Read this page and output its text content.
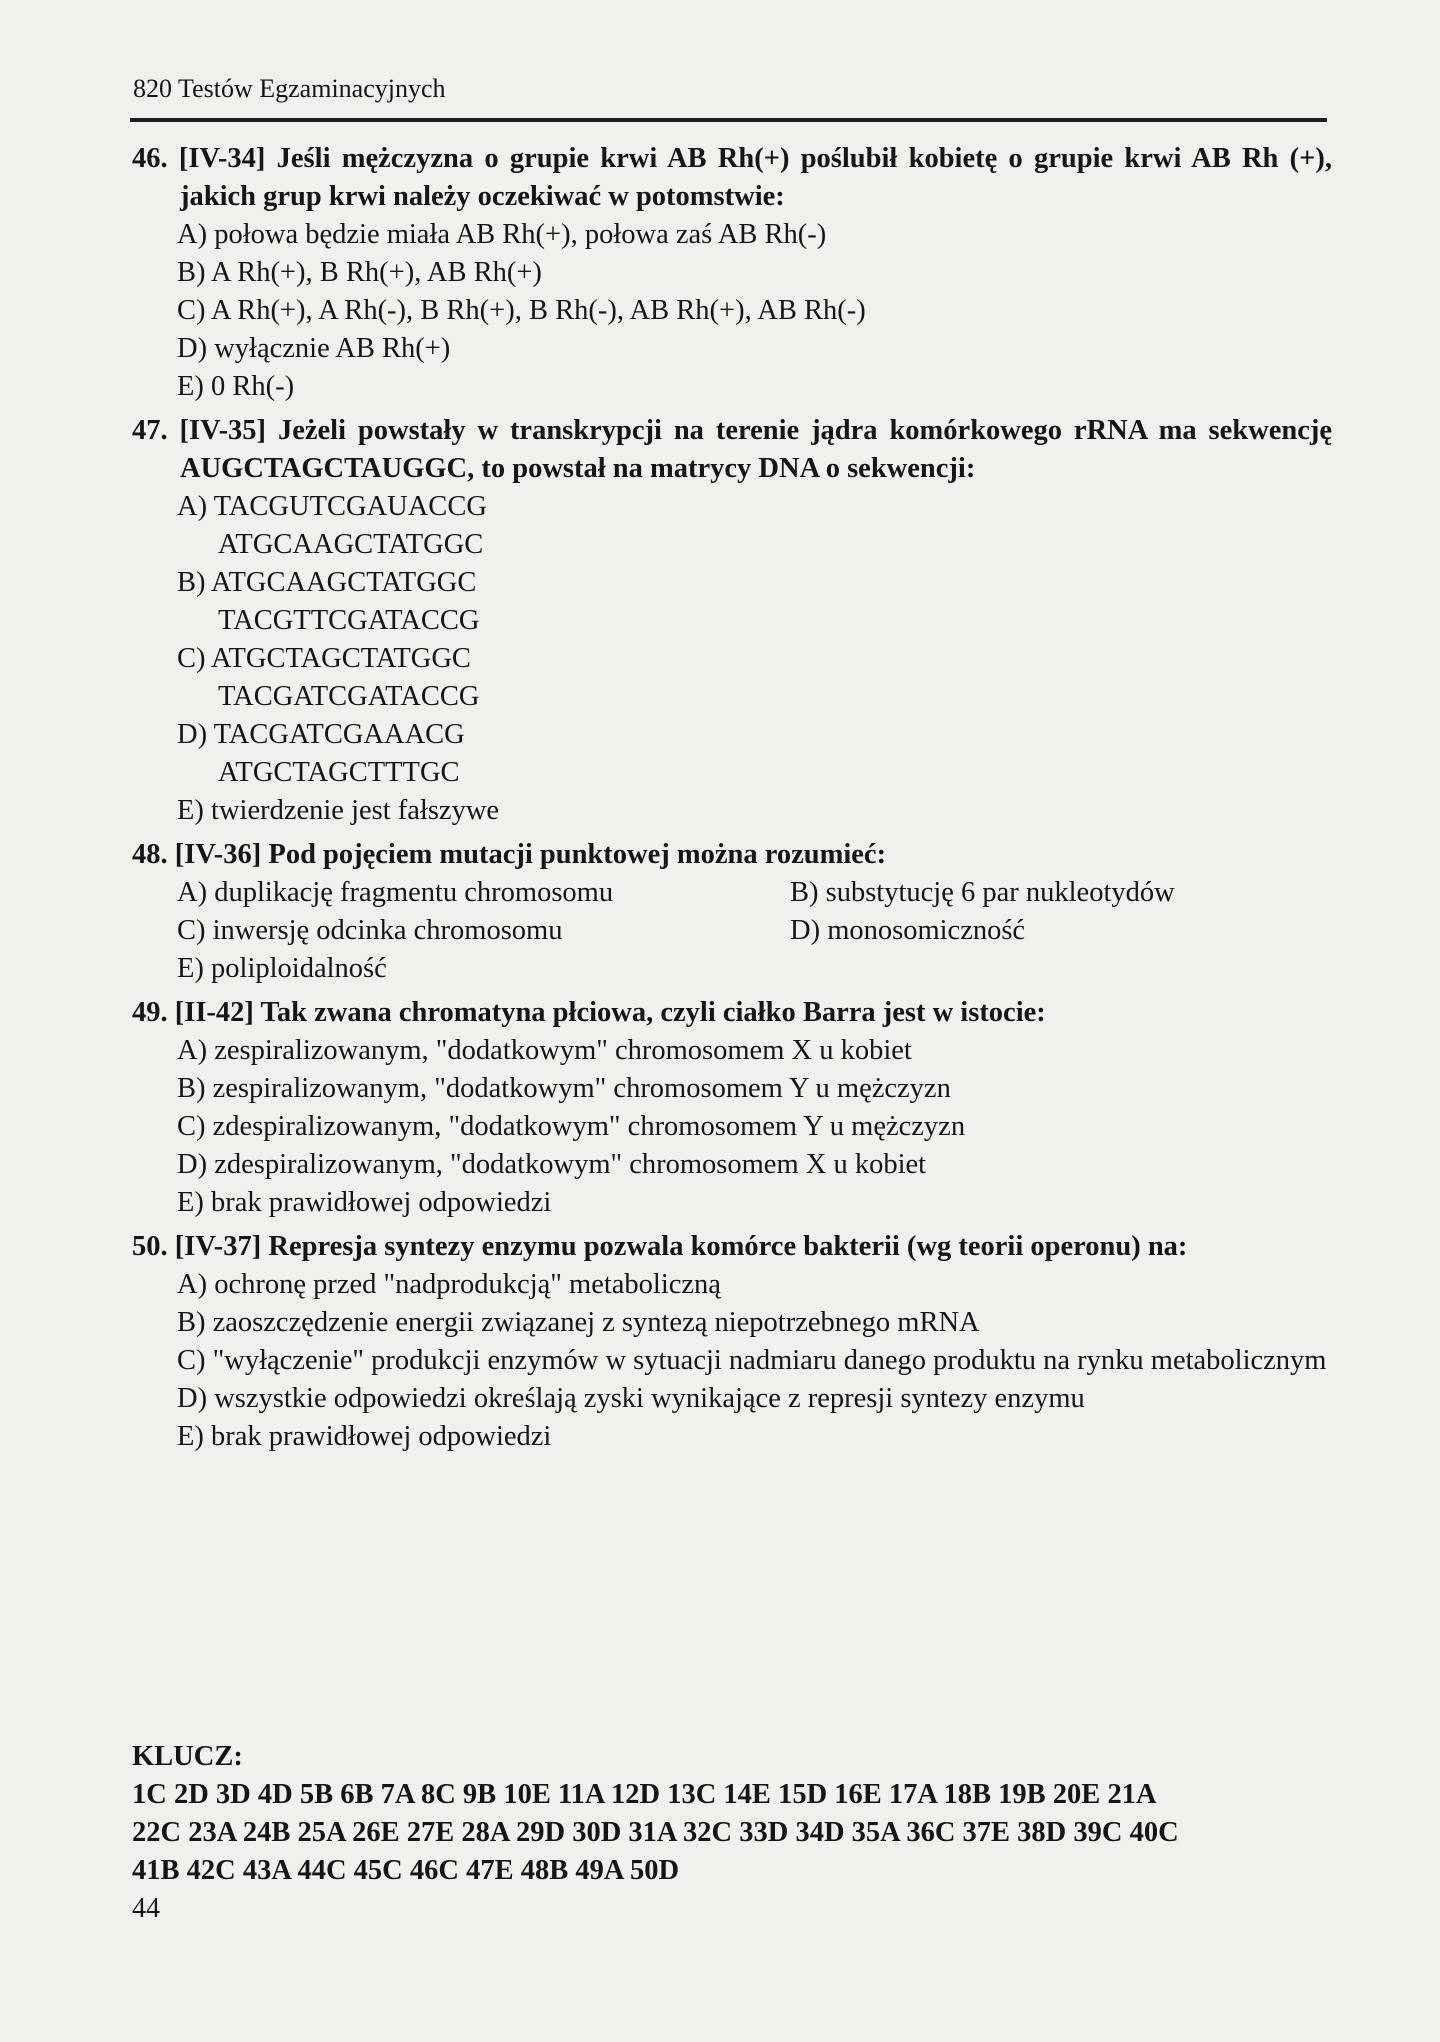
820 Testów Egzaminacyjnych
46. [IV-34] Jeśli mężczyzna o grupie krwi AB Rh(+) poślubił kobietę o grupie krwi AB Rh (+), jakich grup krwi należy oczekiwać w potomstwie:
A) połowa będzie miała AB Rh(+), połowa zaś AB Rh(-)
B) A Rh(+), B Rh(+), AB Rh(+)
C) A Rh(+), A Rh(-), B Rh(+), B Rh(-), AB Rh(+), AB Rh(-)
D) wyłącznie AB Rh(+)
E) 0 Rh(-)
47. [IV-35] Jeżeli powstały w transkrypcji na terenie jądra komórkowego rRNA ma sekwencję AUGCTAGCTAUGGC, to powstał na matrycy DNA o sekwencji:
A) TACGUTCGAUACCG
ATGCAAGCTATGGC
B) ATGCAAGCTATGGC
TACGTTCGATACCG
C) ATGCTAGCTATGGC
TACGATCGATACCG
D) TACGATCGAAACG
ATGCTAGCTTTGC
E) twierdzenie jest fałszywe
48. [IV-36] Pod pojęciem mutacji punktowej można rozumieć:
A) duplikację fragmentu chromosomu	B) substytucję 6 par nukleotydów
C) inwersję odcinka chromosomu	D) monosomiczność
E) poliploidalność
49. [II-42] Tak zwana chromatyna płciowa, czyli ciałko Barra jest w istocie:
A) zespiralizowanym, "dodatkowym" chromosomem X u kobiet
B) zespiralizowanym, "dodatkowym" chromosomem Y u mężczyzn
C) zdespiralizowanym, "dodatkowym" chromosomem Y u mężczyzn
D) zdespiralizowanym, "dodatkowym" chromosomem X u kobiet
E) brak prawidłowej odpowiedzi
50. [IV-37] Represja syntezy enzymu pozwala komórce bakterii (wg teorii operonu) na:
A) ochronę przed "nadprodukcją" metaboliczną
B) zaoszczędzenie energii związanej z syntezą niepotrzebnego mRNA
C) "wyłączenie" produkcji enzymów w sytuacji nadmiaru danego produktu na rynku metabolicznym
D) wszystkie odpowiedzi określają zyski wynikające z represji syntezy enzymu
E) brak prawidłowej odpowiedzi
KLUCZ:
1C 2D 3D 4D 5B 6B 7A 8C 9B 10E 11A 12D 13C 14E 15D 16E 17A 18B 19B 20E 21A
22C 23A 24B 25A 26E 27E 28A 29D 30D 31A 32C 33D 34D 35A 36C 37E 38D 39C 40C
41B 42C 43A 44C 45C 46C 47E 48B 49A 50D
44
